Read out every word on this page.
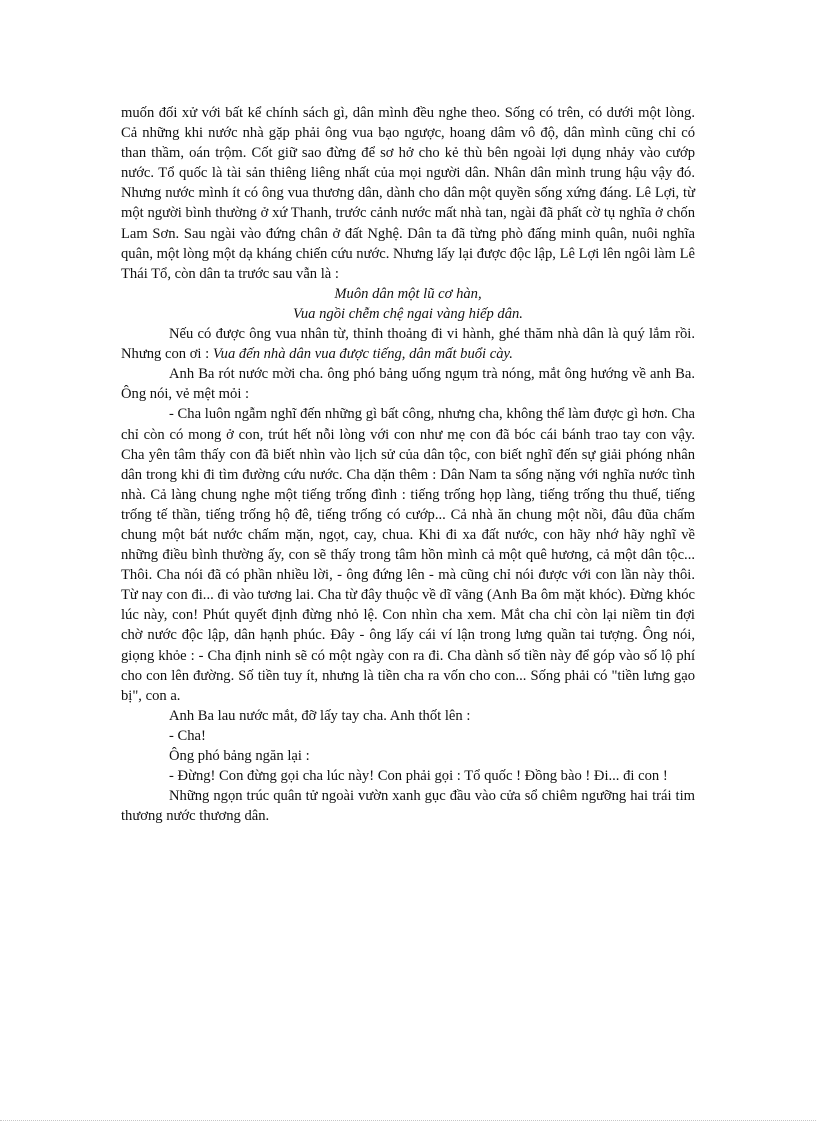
muốn đối xử với bất kể chính sách gì, dân mình đều nghe theo. Sống có trên, có dưới một lòng. Cả những khi nước nhà gặp phải ông vua bạo ngược, hoang dâm vô độ, dân mình cũng chỉ có than thầm, oán trộm. Cốt giữ sao đừng để sơ hở cho kẻ thù bên ngoài lợi dụng nhảy vào cướp nước. Tổ quốc là tài sản thiêng liêng nhất của mọi người dân. Nhân dân mình trung hậu vậy đó. Nhưng nước mình ít có ông vua thương dân, dành cho dân một quyền sống xứng đáng. Lê Lợi, từ một người bình thường ở xứ Thanh, trước cảnh nước mất nhà tan, ngài đã phất cờ tụ nghĩa ở chốn Lam Sơn. Sau ngài vào đứng chân ở đất Nghệ. Dân ta đã từng phò đấng minh quân, nuôi nghĩa quân, một lòng một dạ kháng chiến cứu nước. Nhưng lấy lại được độc lập, Lê Lợi lên ngôi làm Lê Thái Tổ, còn dân ta trước sau vẫn là :

Muôn dân một lũ cơ hàn,
Vua ngồi chễm chệ ngai vàng hiếp dân.

Nếu có được ông vua nhân từ, thỉnh thoảng đi vi hành, ghé thăm nhà dân là quý lắm rồi. Nhưng con ơi : Vua đến nhà dân vua được tiếng, dân mất buổi cày.

Anh Ba rót nước mời cha. ông phó bảng uống ngụm trà nóng, mắt ông hướng về anh Ba. Ông nói, vẻ mệt mỏi :

- Cha luôn ngẫm nghĩ đến những gì bất công, nhưng cha, không thể làm được gì hơn. Cha chỉ còn có mong ở con, trút hết nỗi lòng với con như mẹ con đã bóc cái bánh trao tay con vậy. Cha yên tâm thấy con đã biết nhìn vào lịch sử của dân tộc, con biết nghĩ đến sự giải phóng nhân dân trong khi đi tìm đường cứu nước. Cha dặn thêm : Dân Nam ta sống nặng với nghĩa nước tình nhà. Cả làng chung nghe một tiếng trống đình : tiếng trống họp làng, tiếng trống thu thuế, tiếng trống tế thần, tiếng trống hộ đê, tiếng trống có cướp... Cả nhà ăn chung một nồi, đâu đũa chấm chung một bát nước chấm mặn, ngọt, cay, chua. Khi đi xa đất nước, con hãy nhớ hãy nghĩ về những điều bình thường ấy, con sẽ thấy trong tâm hồn mình cả một quê hương, cả một dân tộc... Thôi. Cha nói đã có phần nhiều lời, - ông đứng lên - mà cũng chỉ nói được với con lần này thôi. Từ nay con đi... đi vào tương lai. Cha từ đây thuộc về dĩ vãng (Anh Ba ôm mặt khóc). Đừng khóc lúc này, con! Phút quyết định đừng nhỏ lệ. Con nhìn cha xem. Mắt cha chỉ còn lại niềm tin đợi chờ nước độc lập, dân hạnh phúc. Đây - ông lấy cái ví lận trong lưng quần tai tượng. Ông nói, giọng khỏe : - Cha định ninh sẽ có một ngày con ra đi. Cha dành số tiền này để góp vào số lộ phí cho con lên đường. Số tiền tuy ít, nhưng là tiền cha ra vốn cho con... Sống phải có "tiền lưng gạo bị", con a.

Anh Ba lau nước mắt, đỡ lấy tay cha. Anh thốt lên :

- Cha!

Ông phó bảng ngăn lại :

- Đừng! Con đừng gọi cha lúc này! Con phải gọi : Tổ quốc ! Đồng bào ! Đi... đi con !

Những ngọn trúc quân tử ngoài vườn xanh gục đầu vào cửa sổ chiêm ngưỡng hai trái tim thương nước thương dân.
